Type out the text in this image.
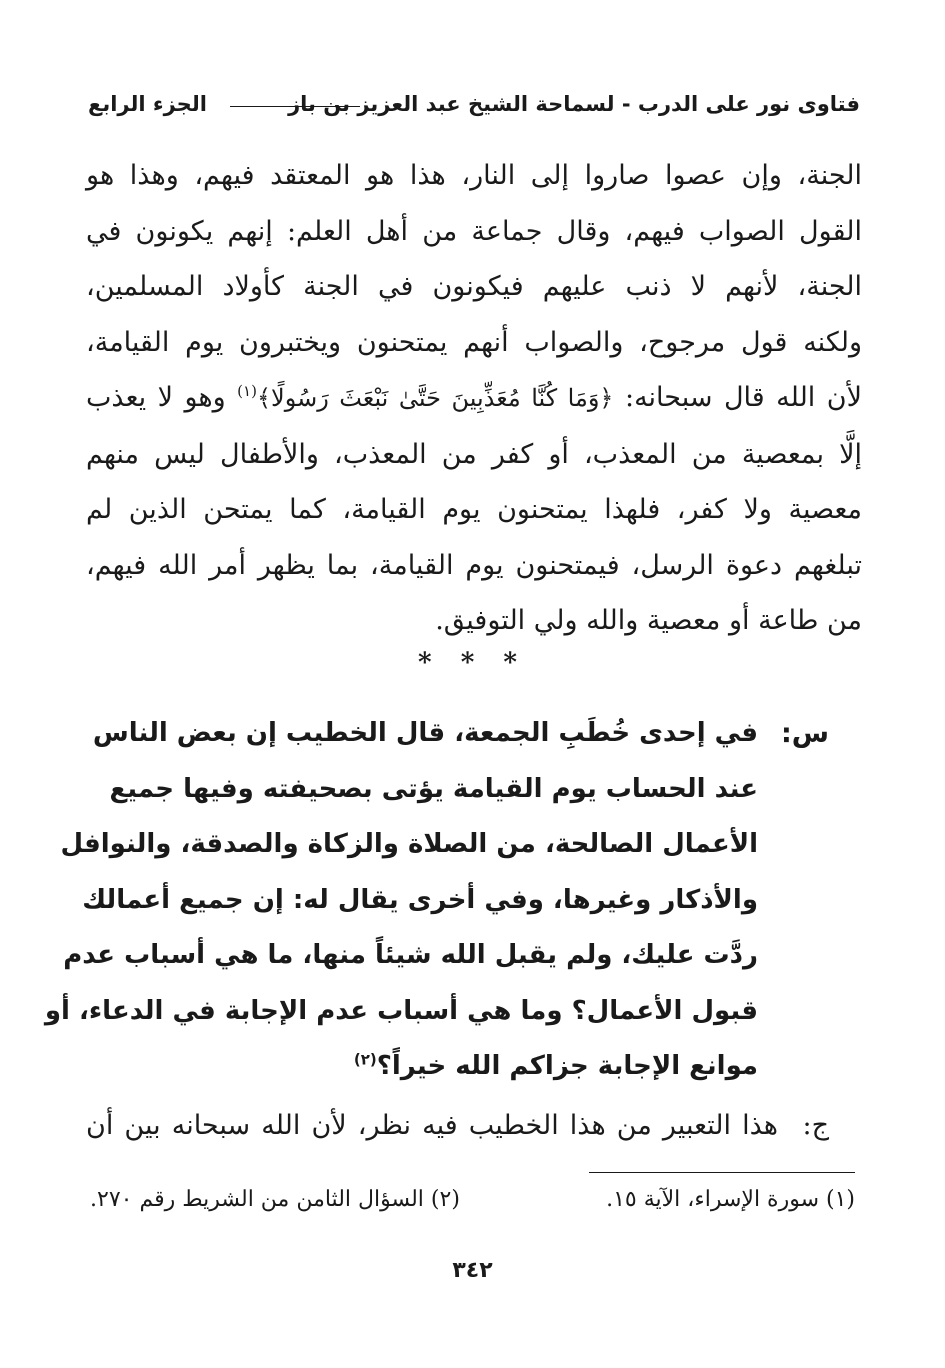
فتاوى نور على الدرب - لسماحة الشيخ عبد العزيز بن باز
الجزء الرابع
الجنة، وإن عصوا صاروا إلى النار، هذا هو المعتقد فيهم، وهذا هو
القول الصواب فيهم، وقال جماعة من أهل العلم: إنهم يكونون في
الجنة، لأنهم لا ذنب عليهم فيكونون في الجنة كأولاد المسلمين،
ولكنه قول مرجوح، والصواب أنهم يمتحنون ويختبرون يوم القيامة،
لأن الله قال سبحانه: ﴿وَمَا كُنَّا مُعَذِّبِينَ حَتَّىٰ نَبْعَثَ رَسُولًا﴾$^{(١)}$ وهو لا يعذب
إلَّا بمعصية من المعذب، أو كفر من المعذب، والأطفال ليس منهم
معصية ولا كفر، فلهذا يمتحنون يوم القيامة، كما يمتحن الذين لم
تبلغهم دعوة الرسل، فيمتحنون يوم القيامة، بما يظهر أمر الله فيهم،
من طاعة أو معصية والله ولي التوفيق.
* * *
س:
في إحدى خُطَبِ الجمعة، قال الخطيب إن بعض الناس
عند الحساب يوم القيامة يؤتى بصحيفته وفيها جميع
الأعمال الصالحة، من الصلاة والزكاة والصدقة، والنوافل
والأذكار وغيرها، وفي أخرى يقال له: إن جميع أعمالك
ردَّت عليك، ولم يقبل الله شيئاً منها، ما هي أسباب عدم
قبول الأعمال؟ وما هي أسباب عدم الإجابة في الدعاء، أو
موانع الإجابة جزاكم الله خيراً؟$^{(٢)}$
ج:
هذا التعبير من هذا الخطيب فيه نظر، لأن الله سبحانه بين أن
(١) سورة الإسراء، الآية ١٥.
(٢) السؤال الثامن من الشريط رقم ٢٧٠.
٣٤٢
